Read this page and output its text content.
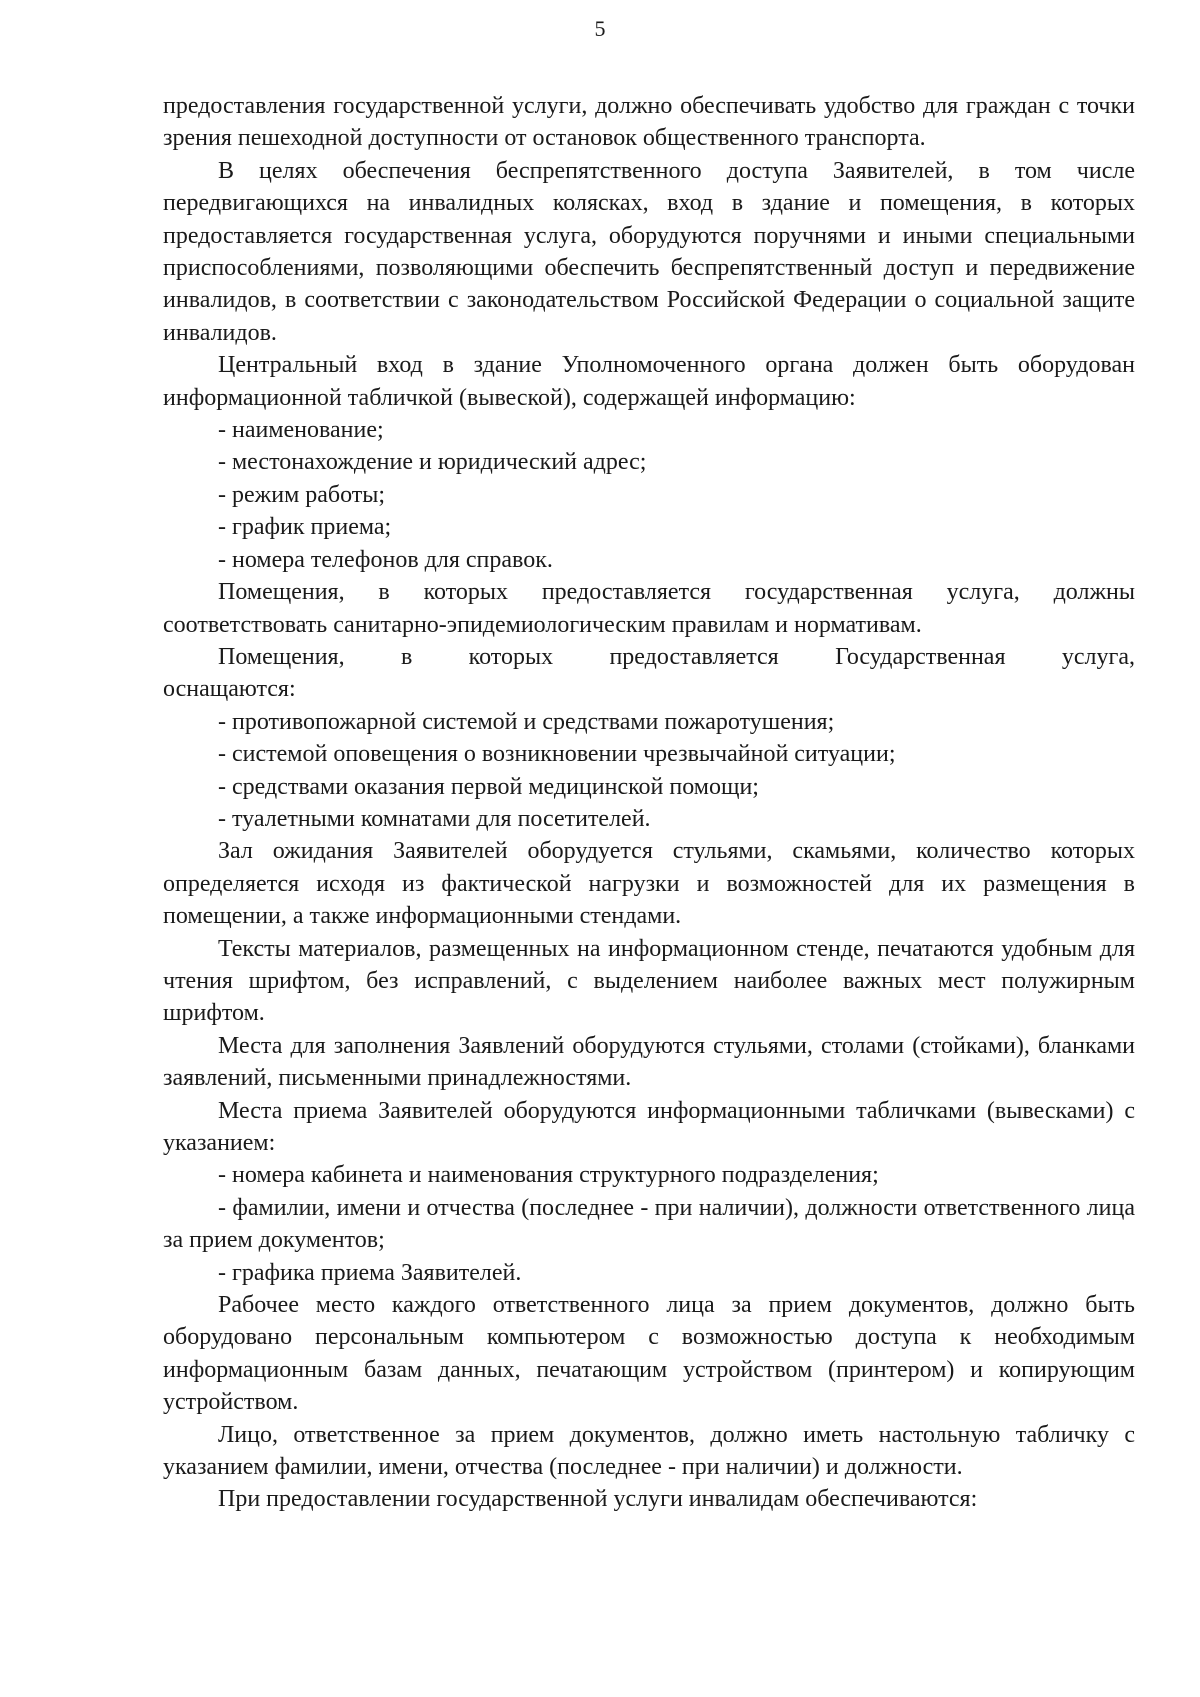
5

предоставления государственной услуги, должно обеспечивать удобство для граждан с точки зрения пешеходной доступности от остановок общественного транспорта.

В целях обеспечения беспрепятственного доступа Заявителей, в том числе передвигающихся на инвалидных колясках, вход в здание и помещения, в которых предоставляется государственная услуга, оборудуются поручнями и иными специальными приспособлениями, позволяющими обеспечить беспрепятственный доступ и передвижение инвалидов, в соответствии с законодательством Российской Федерации о социальной защите инвалидов.

Центральный вход в здание Уполномоченного органа должен быть оборудован информационной табличкой (вывеской), содержащей информацию:

- наименование;

- местонахождение и юридический адрес;

- режим работы;

- график приема;

- номера телефонов для справок.

Помещения, в которых предоставляется государственная услуга, должны соответствовать санитарно-эпидемиологическим правилам и нормативам.

Помещения, в которых предоставляется Государственная услуга,

оснащаются:

- противопожарной системой и средствами пожаротушения;

- системой оповещения о возникновении чрезвычайной ситуации;

- средствами оказания первой медицинской помощи;

- туалетными комнатами для посетителей.

Зал ожидания Заявителей оборудуется стульями, скамьями, количество которых определяется исходя из фактической нагрузки и возможностей для их размещения в помещении, а также информационными стендами.

Тексты материалов, размещенных на информационном стенде, печатаются удобным для чтения шрифтом, без исправлений, с выделением наиболее важных мест полужирным шрифтом.

Места для заполнения Заявлений оборудуются стульями, столами (стойками), бланками заявлений, письменными принадлежностями.

Места приема Заявителей оборудуются информационными табличками (вывесками) с указанием:

- номера кабинета и наименования структурного подразделения;

- фамилии, имени и отчества (последнее - при наличии), должности ответственного лица за прием документов;

- графика приема Заявителей.

Рабочее место каждого ответственного лица за прием документов, должно быть оборудовано персональным компьютером с возможностью доступа к необходимым информационным базам данных, печатающим устройством (принтером) и копирующим устройством.

Лицо, ответственное за прием документов, должно иметь настольную табличку с указанием фамилии, имени, отчества (последнее - при наличии) и должности.

При предоставлении государственной услуги инвалидам обеспечиваются:
